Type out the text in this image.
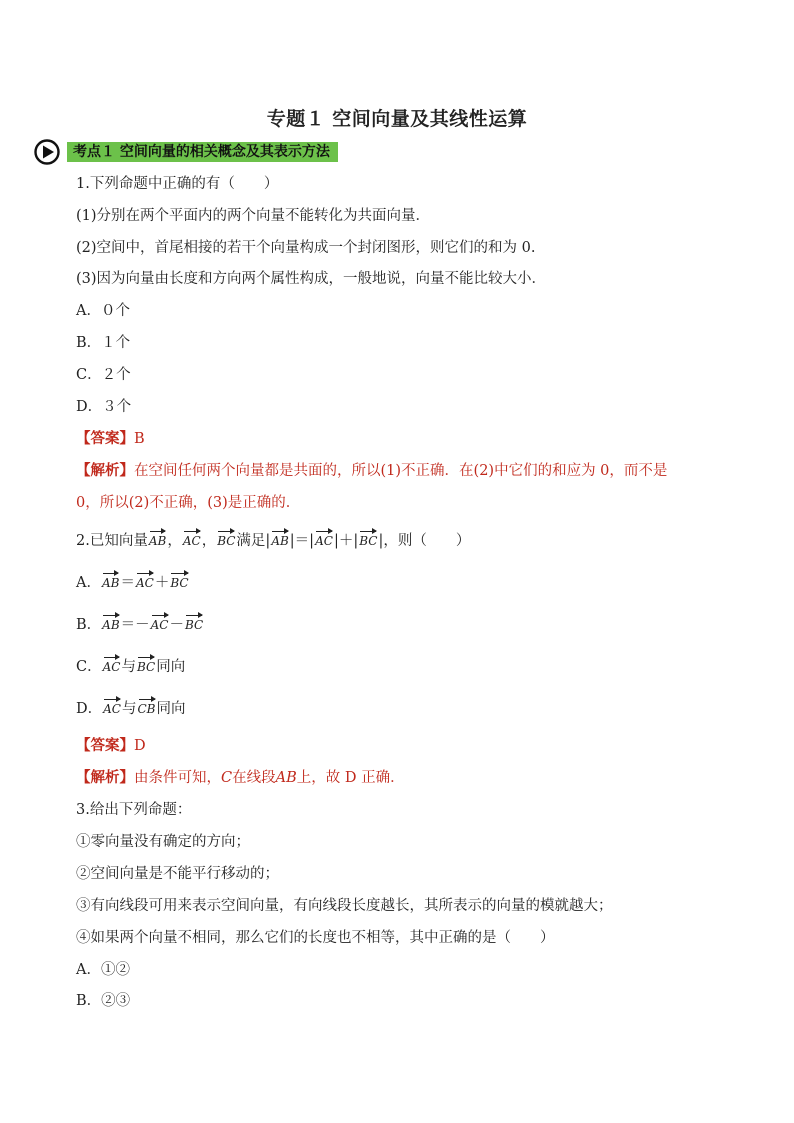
专题１ 空间向量及其线性运算
考点１ 空间向量的相关概念及其表示方法
1.下列命题中正确的有（　　）
(1)分别在两个平面内的两个向量不能转化为共面向量．
(2)空间中，首尾相接的若干个向量构成一个封闭图形，则它们的和为 0.
(3)因为向量由长度和方向两个属性构成，一般地说，向量不能比较大小．
A．０个
B．１个
C．２个
D．３个
【答案】B
【解析】在空间任何两个向量都是共面的，所以(1)不正确．在(2)中它们的和应为 0，而不是
0，所以(2)不正确，(3)是正确的．
2.已知向量AB，AC，BC满足|AB|＝|AC|＋|BC|，则（　　）
A．AB＝AC＋BC
B．AB＝－AC－BC
C．AC与BC同向
D．AC与CB同向
【答案】D
【解析】由条件可知，C在线段AB上，故 D 正确．
3.给出下列命题：
①零向量没有确定的方向；
②空间向量是不能平行移动的；
③有向线段可用来表示空间向量，有向线段长度越长，其所表示的向量的模就越大；
④如果两个向量不相同，那么它们的长度也不相等，其中正确的是（　　）
A．①②
B．②③
